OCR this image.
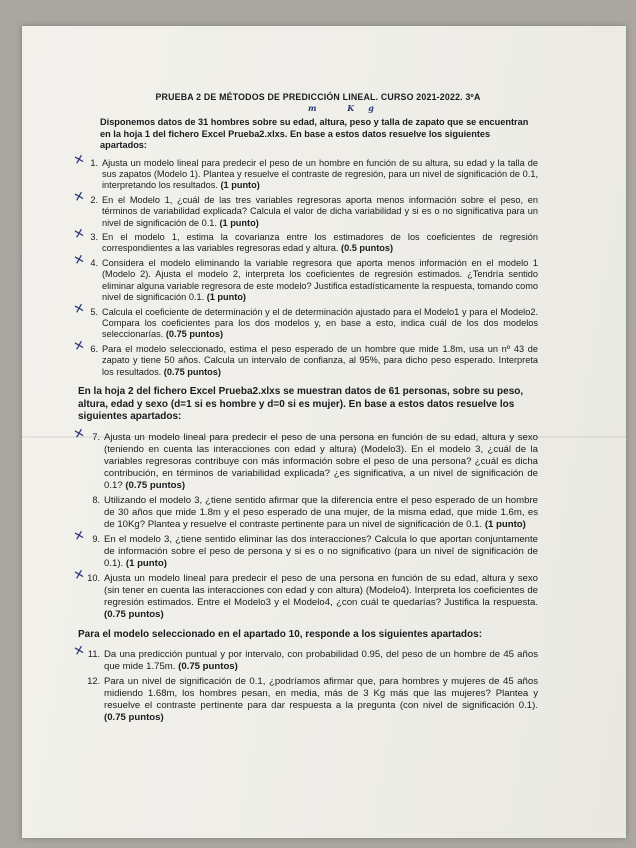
PRUEBA 2 DE MÉTODOS DE PREDICCIÓN LINEAL. CURSO 2021-2022. 3ºA
m Kg
Disponemos datos de 31 hombres sobre su edad, altura, peso y talla de zapato que se encuentran en la hoja 1 del fichero Excel Prueba2.xlxs. En base a estos datos resuelve los siguientes apartados:
1.
✕ Ajusta un modelo lineal para predecir el peso de un hombre en función de su altura, su edad y la talla de sus zapatos (Modelo 1). Plantea y resuelve el contraste de regresión, para un nivel de significación de 0.1, interpretando los resultados. (1 punto)
2.
✕ En el Modelo 1, ¿cuál de las tres variables regresoras aporta menos información sobre el peso, en términos de variabilidad explicada? Calcula el valor de dicha variabilidad y si es o no significativa para un nivel de significación de 0.1. (1 punto)
3.
✕ En el modelo 1, estima la covarianza entre los estimadores de los coeficientes de regresión correspondientes a las variables regresoras edad y altura. (0.5 puntos)
4.
✕ Considera el modelo eliminando la variable regresora que aporta menos información en el modelo 1 (Modelo 2). Ajusta el modelo 2, interpreta los coeficientes de regresión estimados. ¿Tendría sentido eliminar alguna variable regresora de este modelo? Justifica estadísticamente la respuesta, tomando como nivel de significación 0.1. (1 punto)
5.
✕ Calcula el coeficiente de determinación y el de determinación ajustado para el Modelo1 y para el Modelo2. Compara los coeficientes para los dos modelos y, en base a esto, indica cuál de los dos modelos seleccionarías. (0.75 puntos)
6.
✕ Para el modelo seleccionado, estima el peso esperado de un hombre que mide 1.8m, usa un nº 43 de zapato y tiene 50 años. Calcula un intervalo de confianza, al 95%, para dicho peso esperado. Interpreta los resultados. (0.75 puntos)
En la hoja 2 del fichero Excel Prueba2.xlxs se muestran datos de 61 personas, sobre su peso, altura, edad y sexo (d=1 si es hombre y d=0 si es mujer). En base a estos datos resuelve los siguientes apartados:
7.
✕ Ajusta un modelo lineal para predecir el peso de una persona en función de su edad, altura y sexo (teniendo en cuenta las interacciones con edad y altura) (Modelo3). En el modelo 3, ¿cuál de la variables regresoras contribuye con más información sobre el peso de una persona? ¿cuál es dicha contribución, en términos de variabilidad explicada? ¿es significativa, a un nivel de significación de 0.1? (0.75 puntos)
8. Utilizando el modelo 3, ¿tiene sentido afirmar que la diferencia entre el peso esperado de un hombre de 30 años que mide 1.8m y el peso esperado de una mujer, de la misma edad, que mide 1.6m, es de 10Kg? Plantea y resuelve el contraste pertinente para un nivel de significación de 0.1. (1 punto)
9.
✕ En el modelo 3, ¿tiene sentido eliminar las dos interacciones? Calcula lo que aportan conjuntamente de información sobre el peso de persona y si es o no significativo (para un nivel de significación de 0.1). (1 punto)
10.
✕ Ajusta un modelo lineal para predecir el peso de una persona en función de su edad, altura y sexo (sin tener en cuenta las interacciones con edad y con altura) (Modelo4). Interpreta los coeficientes de regresión estimados. Entre el Modelo3 y el Modelo4, ¿con cuál te quedarías? Justifica la respuesta. (0.75 puntos)
Para el modelo seleccionado en el apartado 10, responde a los siguientes apartados:
11.
✕ Da una predicción puntual y por intervalo, con probabilidad 0.95, del peso de un hombre de 45 años que mide 1.75m. (0.75 puntos)
12. Para un nivel de significación de 0.1, ¿podríamos afirmar que, para hombres y mujeres de 45 años midiendo 1.68m, los hombres pesan, en media, más de 3 Kg más que las mujeres? Plantea y resuelve el contraste pertinente para dar respuesta a la pregunta (con nivel de significación 0.1). (0.75 puntos)
